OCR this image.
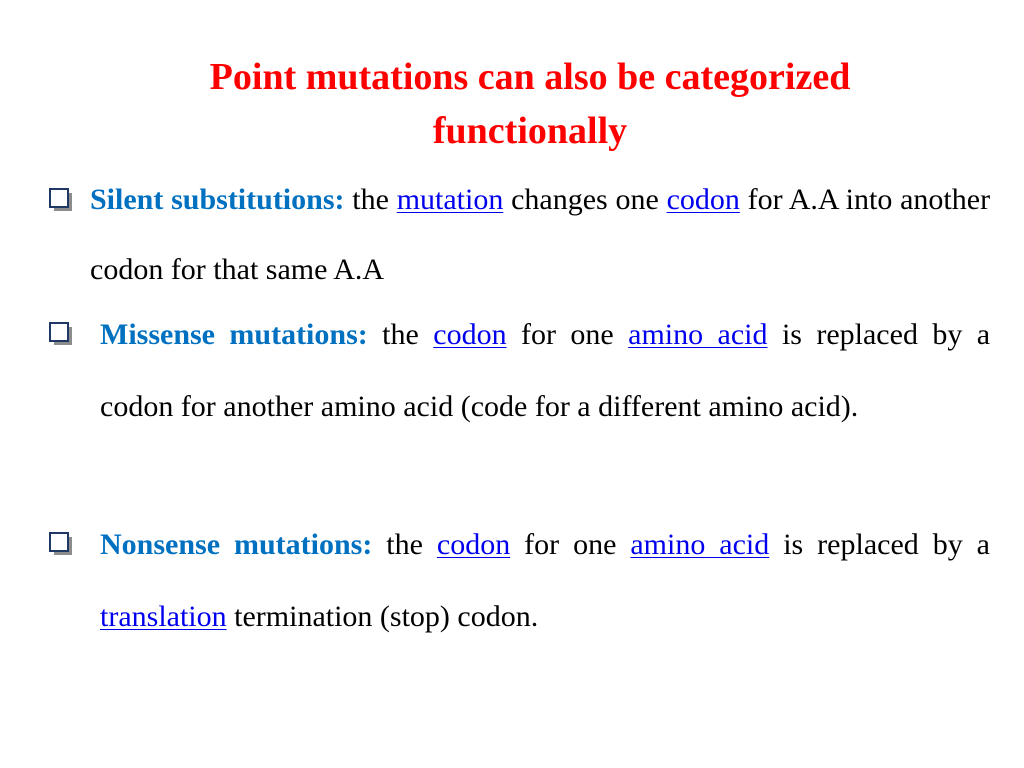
Point mutations can also be categorized
functionally
Silent substitutions: the mutation changes one codon for A.A into another codon for that same A.A
Missense mutations: the codon for one amino acid is replaced by a codon for another amino acid (code for a different amino acid).
Nonsense mutations: the codon for one amino acid is replaced by a translation termination (stop) codon.
